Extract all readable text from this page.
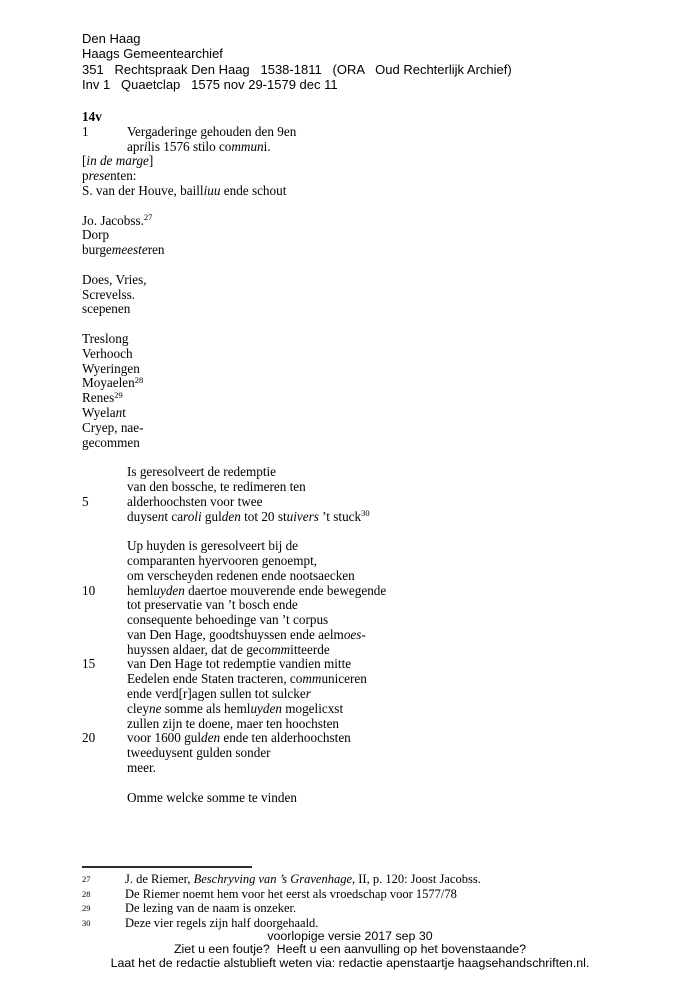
Den Haag
Haags Gemeentearchief
351   Rechtspraak Den Haag   1538-1811   (ORA   Oud Rechterlijk Archief)
Inv 1   Quaetclap   1575 nov 29-1579 dec 11
14v
1	Vergaderinge gehouden den 9en
aprilis 1576 stilo communi.
[in de marge]
presenten:
S. van der Houve, bailliuu ende schout
Jo. Jacobss.$^{27}$
Dorp
burgemeesteren
Does, Vries,
Screvelss.
scepenen
Treslong
Verhooch
Wyeringen
Moyaelen$^{28}$
Renes$^{29}$
Wyelant
Cryep, nae-
gecommen
Is geresolveert de redemptie
van den bossche, te redimeren ten
5	alderhoochsten voor twee
duysent caroli gulden tot 20 stuivers ’t stuck$^{30}$
Up huyden is geresolveert bij de
comparanten hyervooren genoempt,
om verscheyden redenen ende nootsaecken
10 hemluyden daertoe mouverende ende bewegende
tot preservatie van ’t bosch ende
consequente behoedinge van ’t corpus
van Den Hage, goodtshuyssen ende aelmoes-
huyssen aldaer, dat de gecommitteerde
15 van Den Hage tot redemptie vandien mitte
Eedelen ende Staten tracteren, communiceren
ende verd[r]agen sullen tot sulcker
cleyne somme als hemluyden mogelicxst
zullen zijn te doene, maer ten hoochsten
20 voor 1600 gulden ende ten alderhoochsten
tweeduysent gulden sonder
meer.
Omme welcke somme te vinden
27	J. de Riemer, Beschryving van ’s Gravenhage, II, p. 120: Joost Jacobss.
28	De Riemer noemt hem voor het eerst als vroedschap voor 1577/78
29	De lezing van de naam is onzeker.
30	Deze vier regels zijn half doorgehaald.
voorlopige versie 2017 sep 30
Ziet u een foutje?  Heeft u een aanvulling op het bovenstaande?
Laat het de redactie alstublieft weten via: redactie apenstaartje haagsehandschriften.nl.
